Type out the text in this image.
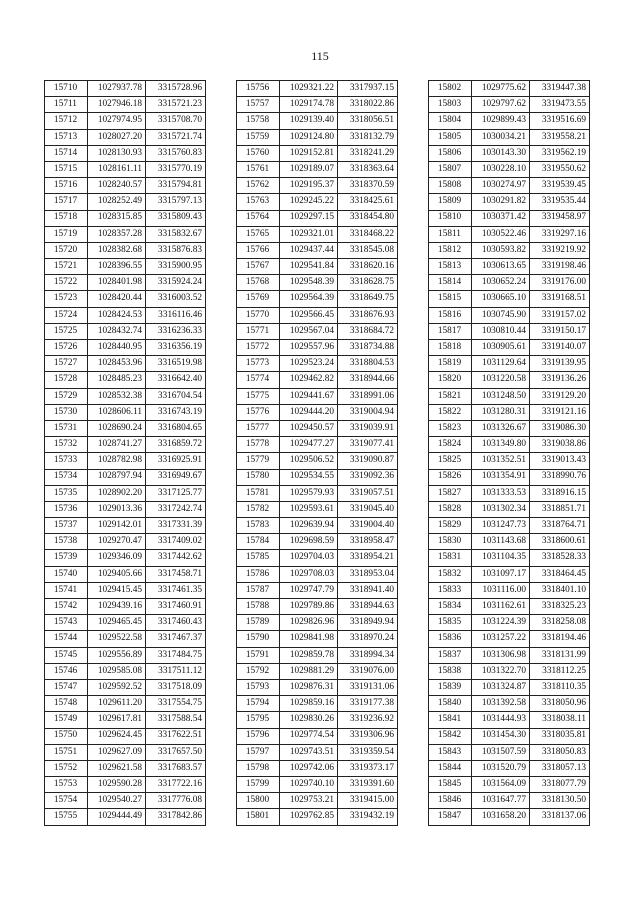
115
15710	1027937.78	3315728.96
15711	1027946.18	3315721.23
15712	1027974.95	3315708.70
15713	1028027.20	3315721.74
15714	1028130.93	3315760.83
15715	1028161.11	3315770.19
15716	1028240.57	3315794.81
15717	1028252.49	3315797.13
15718	1028315.85	3315809.43
15719	1028357.28	3315832.67
15720	1028382.68	3315876.83
15721	1028396.55	3315900.95
15722	1028401.98	3315924.24
15723	1028420.44	3316003.52
15724	1028424.53	3316116.46
15725	1028432.74	3316236.33
15726	1028440.95	3316356.19
15727	1028453.96	3316519.98
15728	1028485.23	3316642.40
15729	1028532.38	3316704.54
15730	1028606.11	3316743.19
15731	1028690.24	3316804.65
15732	1028741.27	3316859.72
15733	1028782.98	3316925.91
15734	1028797.94	3316949.67
15735	1028902.20	3317125.77
15736	1029013.36	3317242.74
15737	1029142.01	3317331.39
15738	1029270.47	3317409.02
15739	1029346.09	3317442.62
15740	1029405.66	3317458.71
15741	1029415.45	3317461.35
15742	1029439.16	3317460.91
15743	1029465.45	3317460.43
15744	1029522.58	3317467.37
15745	1029556.89	3317484.75
15746	1029585.08	3317511.12
15747	1029592.52	3317518.09
15748	1029611.20	3317554.75
15749	1029617.81	3317588.54
15750	1029624.45	3317622.51
15751	1029627.09	3317657.50
15752	1029621.58	3317683.57
15753	1029590.28	3317722.16
15754	1029540.27	3317776.08
15755	1029444.49	3317842.86
15756	1029321.22	3317937.15
15757	1029174.78	3318022.86
15758	1029139.40	3318056.51
15759	1029124.80	3318132.79
15760	1029152.81	3318241.29
15761	1029189.07	3318363.64
15762	1029195.37	3318370.59
15763	1029245.22	3318425.61
15764	1029297.15	3318454.80
15765	1029321.01	3318468.22
15766	1029437.44	3318545.08
15767	1029541.84	3318620.16
15768	1029548.39	3318628.75
15769	1029564.39	3318649.75
15770	1029566.45	3318676.93
15771	1029567.04	3318684.72
15772	1029557.96	3318734.88
15773	1029523.24	3318804.53
15774	1029462.82	3318944.66
15775	1029441.67	3318991.06
15776	1029444.20	3319004.94
15777	1029450.57	3319039.91
15778	1029477.27	3319077.41
15779	1029506.52	3319090.87
15780	1029534.55	3319092.36
15781	1029579.93	3319057.51
15782	1029593.61	3319045.40
15783	1029639.94	3319004.40
15784	1029698.59	3318958.47
15785	1029704.03	3318954.21
15786	1029708.03	3318953.04
15787	1029747.79	3318941.40
15788	1029789.86	3318944.63
15789	1029826.96	3318949.94
15790	1029841.98	3318970.24
15791	1029859.78	3318994.34
15792	1029881.29	3319076.00
15793	1029876.31	3319131.06
15794	1029859.16	3319177.38
15795	1029830.26	3319236.92
15796	1029774.54	3319306.96
15797	1029743.51	3319359.54
15798	1029742.06	3319373.17
15799	1029740.10	3319391.60
15800	1029753.21	3319415.00
15801	1029762.85	3319432.19
15802	1029775.62	3319447.38
15803	1029797.62	3319473.55
15804	1029899.43	3319516.69
15805	1030034.21	3319558.21
15806	1030143.30	3319562.19
15807	1030228.10	3319550.62
15808	1030274.97	3319539.45
15809	1030291.82	3319535.44
15810	1030371.42	3319458.97
15811	1030522.46	3319297.16
15812	1030593.82	3319219.92
15813	1030613.65	3319198.46
15814	1030652.24	3319176.00
15815	1030665.10	3319168.51
15816	1030745.90	3319157.02
15817	1030810.44	3319150.17
15818	1030905.61	3319140.07
15819	1031129.64	3319139.95
15820	1031220.58	3319136.26
15821	1031248.50	3319129.20
15822	1031280.31	3319121.16
15823	1031326.67	3319086.30
15824	1031349.80	3319038.86
15825	1031352.51	3319013.43
15826	1031354.91	3318990.76
15827	1031333.53	3318916.15
15828	1031302.34	3318851.71
15829	1031247.73	3318764.71
15830	1031143.68	3318600.61
15831	1031104.35	3318528.33
15832	1031097.17	3318464.45
15833	1031116.00	3318401.10
15834	1031162.61	3318325.23
15835	1031224.39	3318258.08
15836	1031257.22	3318194.46
15837	1031306.98	3318131.99
15838	1031322.70	3318112.25
15839	1031324.87	3318110.35
15840	1031392.58	3318050.96
15841	1031444.93	3318038.11
15842	1031454.30	3318035.81
15843	1031507.59	3318050.83
15844	1031520.79	3318057.13
15845	1031564.09	3318077.79
15846	1031647.77	3318130.50
15847	1031658.20	3318137.06
